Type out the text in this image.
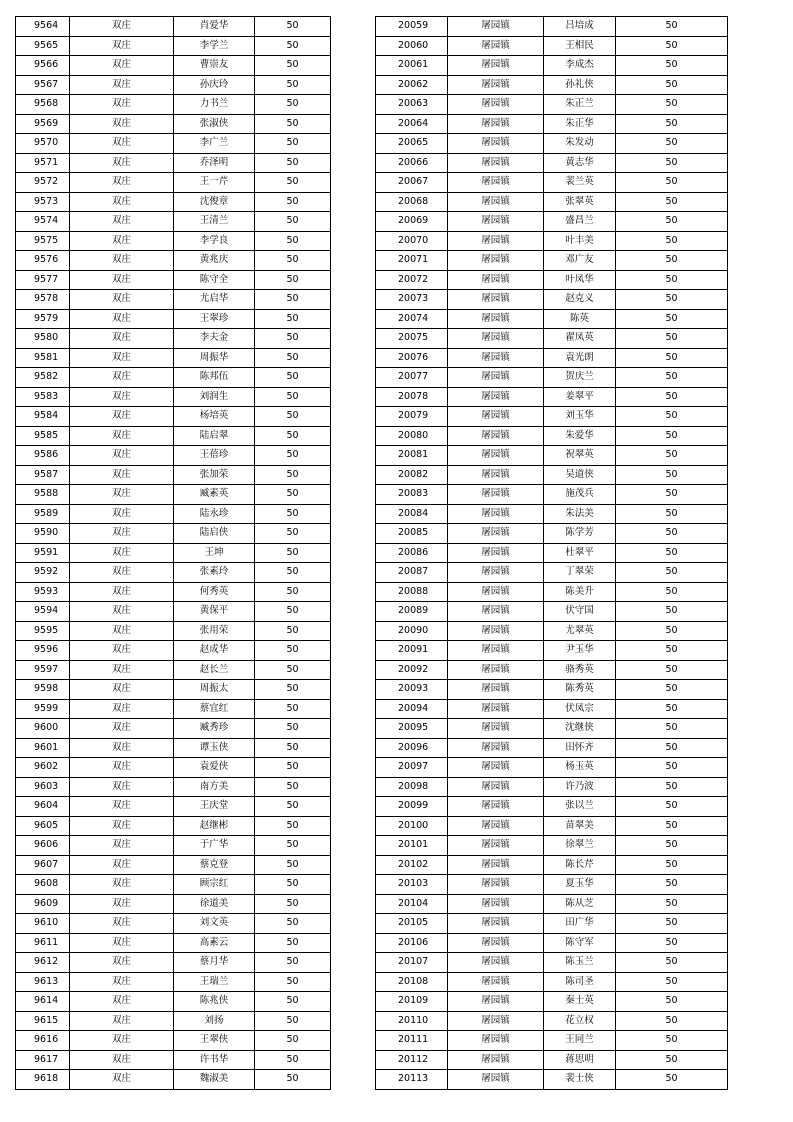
9564	双庄	肖爱华	50
9565	双庄	李学兰	50
9566	双庄	曹崇友	50
9567	双庄	孙庆玲	50
9568	双庄	力书兰	50
9569	双庄	张淑侠	50
9570	双庄	李广兰	50
9571	双庄	乔泽明	50
9572	双庄	王一芹	50
9573	双庄	沈俊章	50
9574	双庄	王清兰	50
9575	双庄	李学良	50
9576	双庄	黄兆庆	50
9577	双庄	陈守全	50
9578	双庄	尤启华	50
9579	双庄	王翠珍	50
9580	双庄	李夫金	50
9581	双庄	周振华	50
9582	双庄	陈邦伍	50
9583	双庄	刘润生	50
9584	双庄	杨培英	50
9585	双庄	陆启翠	50
9586	双庄	王蓓珍	50
9587	双庄	张加荣	50
9588	双庄	臧素英	50
9589	双庄	陆永珍	50
9590	双庄	陆启侠	50
9591	双庄	王坤	50
9592	双庄	张素玲	50
9593	双庄	何秀英	50
9594	双庄	黄保平	50
9595	双庄	张用荣	50
9596	双庄	赵成华	50
9597	双庄	赵长兰	50
9598	双庄	周振太	50
9599	双庄	蔡宜红	50
9600	双庄	臧秀珍	50
9601	双庄	谭玉侠	50
9602	双庄	袁爱侠	50
9603	双庄	南方美	50
9604	双庄	王庆堂	50
9605	双庄	赵继彬	50
9606	双庄	于广华	50
9607	双庄	蔡克登	50
9608	双庄	顾宗红	50
9609	双庄	徐道美	50
9610	双庄	刘文英	50
9611	双庄	高素云	50
9612	双庄	蔡月华	50
9613	双庄	王瑞兰	50
9614	双庄	陈兆侠	50
9615	双庄	刘扬	50
9616	双庄	王翠侠	50
9617	双庄	许书华	50
9618	双庄	魏淑美	50
20059	屠园镇	吕培成	50
20060	屠园镇	王相民	50
20061	屠园镇	李成杰	50
20062	屠园镇	孙礼侠	50
20063	屠园镇	朱正兰	50
20064	屠园镇	朱正华	50
20065	屠园镇	朱发动	50
20066	屠园镇	黄志华	50
20067	屠园镇	裴兰英	50
20068	屠园镇	张翠英	50
20069	屠园镇	盛昌兰	50
20070	屠园镇	叶丰美	50
20071	屠园镇	邓广友	50
20072	屠园镇	叶凤华	50
20073	屠园镇	赵克义	50
20074	屠园镇	陈英	50
20075	屠园镇	翟凤英	50
20076	屠园镇	袁光朗	50
20077	屠园镇	贺庆兰	50
20078	屠园镇	姜翠平	50
20079	屠园镇	刘玉华	50
20080	屠园镇	朱爱华	50
20081	屠园镇	祝翠英	50
20082	屠园镇	吴道侠	50
20083	屠园镇	施茂兵	50
20084	屠园镇	朱法美	50
20085	屠园镇	陈学芳	50
20086	屠园镇	杜翠平	50
20087	屠园镇	丁翠荣	50
20088	屠园镇	陈美升	50
20089	屠园镇	伏守国	50
20090	屠园镇	尤翠英	50
20091	屠园镇	尹玉华	50
20092	屠园镇	骆秀英	50
20093	屠园镇	陈秀英	50
20094	屠园镇	伏凤宗	50
20095	屠园镇	沈继侠	50
20096	屠园镇	田怀齐	50
20097	屠园镇	杨玉英	50
20098	屠园镇	许乃波	50
20099	屠园镇	张以兰	50
20100	屠园镇	苗翠美	50
20101	屠园镇	徐翠兰	50
20102	屠园镇	陈长芹	50
20103	屠园镇	夏玉华	50
20104	屠园镇	陈从芝	50
20105	屠园镇	田广华	50
20106	屠园镇	陈守军	50
20107	屠园镇	陈玉兰	50
20108	屠园镇	陈司圣	50
20109	屠园镇	秦士英	50
20110	屠园镇	花立权	50
20111	屠园镇	王同兰	50
20112	屠园镇	蒋思明	50
20113	屠园镇	裴士侠	50
